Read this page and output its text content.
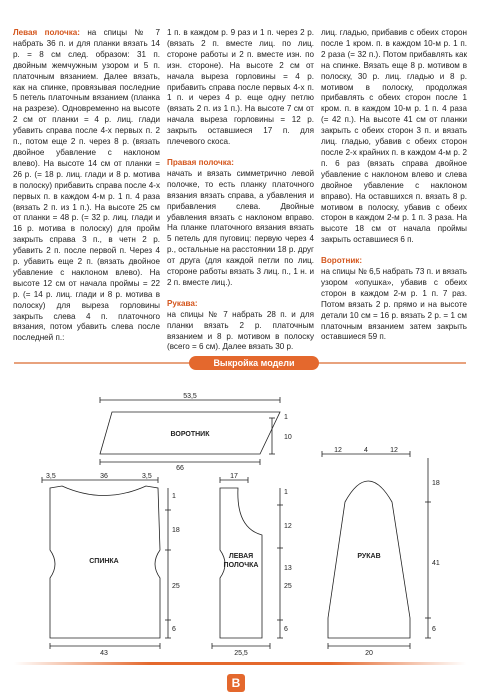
Левая полочка: на спицы № 7 набрать 36 п. и для планки вязать 14 р. = 8 см след. образом: 31 п. двойным жемчужным узором и 5 п. платочным вязанием. Далее вязать, как на спинке, провязывая последние 5 петель платочным вязанием (планка на разрезе). Одновременно на высоте 2 см от планки = 4 р. лиц. глади убавить справа после 4-х первых п. 2 п., потом еще 2 п. через 8 р. (вязать двойное убавление с наклоном влево). На высоте 14 см от планки = 26 р. (= 18 р. лиц. глади и 8 р. мотива в полоску) прибавить справа после 4-х первых п. в каждом 4-м р. 1 п. 4 раза (вязать 2 п. из 1 п.). На высоте 25 см от планки = 48 р. (= 32 р. лиц. глади и 16 р. мотива в полоску) для пройм закрыть справа 3 п., в четн 2 р. убавить 2 п. после первой п. Через 4 р. убавить еще 2 п. (вязать двойное убавление с наклоном влево). На высоте 12 см от начала проймы = 22 р. (= 14 р. лиц. глади и 8 р. мотива в полоску) для выреза горловины закрыть слева 4 п. платочного вязания, потом убавить слева после последней п.:

1 п. в каждом р. 9 раз и 1 п. через 2 р. (вязать 2 п. вместе лиц. по лиц. стороне работы и 2 п. вместе изн. по изн. стороне). На высоте 2 см от начала выреза горловины = 4 р. прибавить справа после первых 4-х п. 1 п. и через 4 р. еще одну петлю (вязать 2 п. из 1 п.). На высоте 7 см от начала выреза горловины = 12 р. закрыть оставшиеся 17 п. для плечевого скоса.

Правая полочка:

начать и вязать симметрично левой полочке, то есть планку платочного вязания вязать справа, а убавления и прибавления слева. Двойные убавления вязать с наклоном вправо. На планке платочного вязания вязать 5 петель для пуговиц: первую через 4 р., остальные на расстоянии 18 р. друг от друга (для каждой петли по лиц. стороне работы вязать 3 лиц. п., 1 н. и 2 п. вместе лиц.).

Рукава:

на спицы № 7 набрать 28 п. и для планки вязать 2 р. платочным вязанием и 8 р. мотивом в полоску (всего = 6 см). Далее вязать 30 р.

лиц. гладью, прибавив с обеих сторон после 1 кром. п. в каждом 10-м р. 1 п. 2 раза (= 32 п.). Потом прибавлять как на спинке. Вязать еще 8 р. мотивом в полоску, 30 р. лиц. гладью и 8 р. мотивом в полоску, продолжая прибавлять с обеих сторон после 1 кром. п. в каждом 10-м р. 1 п. 4 раза (= 42 п.). На высоте 41 см от планки закрыть с обеих сторон 3 п. и вязать лиц. гладью, убавив с обеих сторон после 2-х крайних п. в каждом 4-м р. 2 п. 6 раз (вязать справа двойное убавление с наклоном влево и слева двойное убавление с наклоном вправо). На оставшихся п. вязать 8 р. мотивом в полоску, убавив с обеих сторон в каждом 2-м р. 1 п. 3 раза. На высоте 18 см от начала проймы закрыть оставшиеся 6 п.

Воротник:

на спицы № 6,5 набрать 73 п. и вязать узором «опушка», убавив с обеих сторон в каждом 2-м р. 1 п. 7 раз. Потом вязать 2 р. прямо и на высоте детали 10 см = 16 р. вязать 2 р. = 1 см платочным вязанием затем закрыть оставшиеся 59 п.

Выкройка модели
53,5
ВОРОТНИК
66
1
10
3,5	36	3,5
СПИНКА
1
18
25
6
43
17
ЛЕВАЯ
ПОЛОЧКА
1
12
13
25
6
25,5
12	4	12
РУКАВ
18
41
6
20
B
